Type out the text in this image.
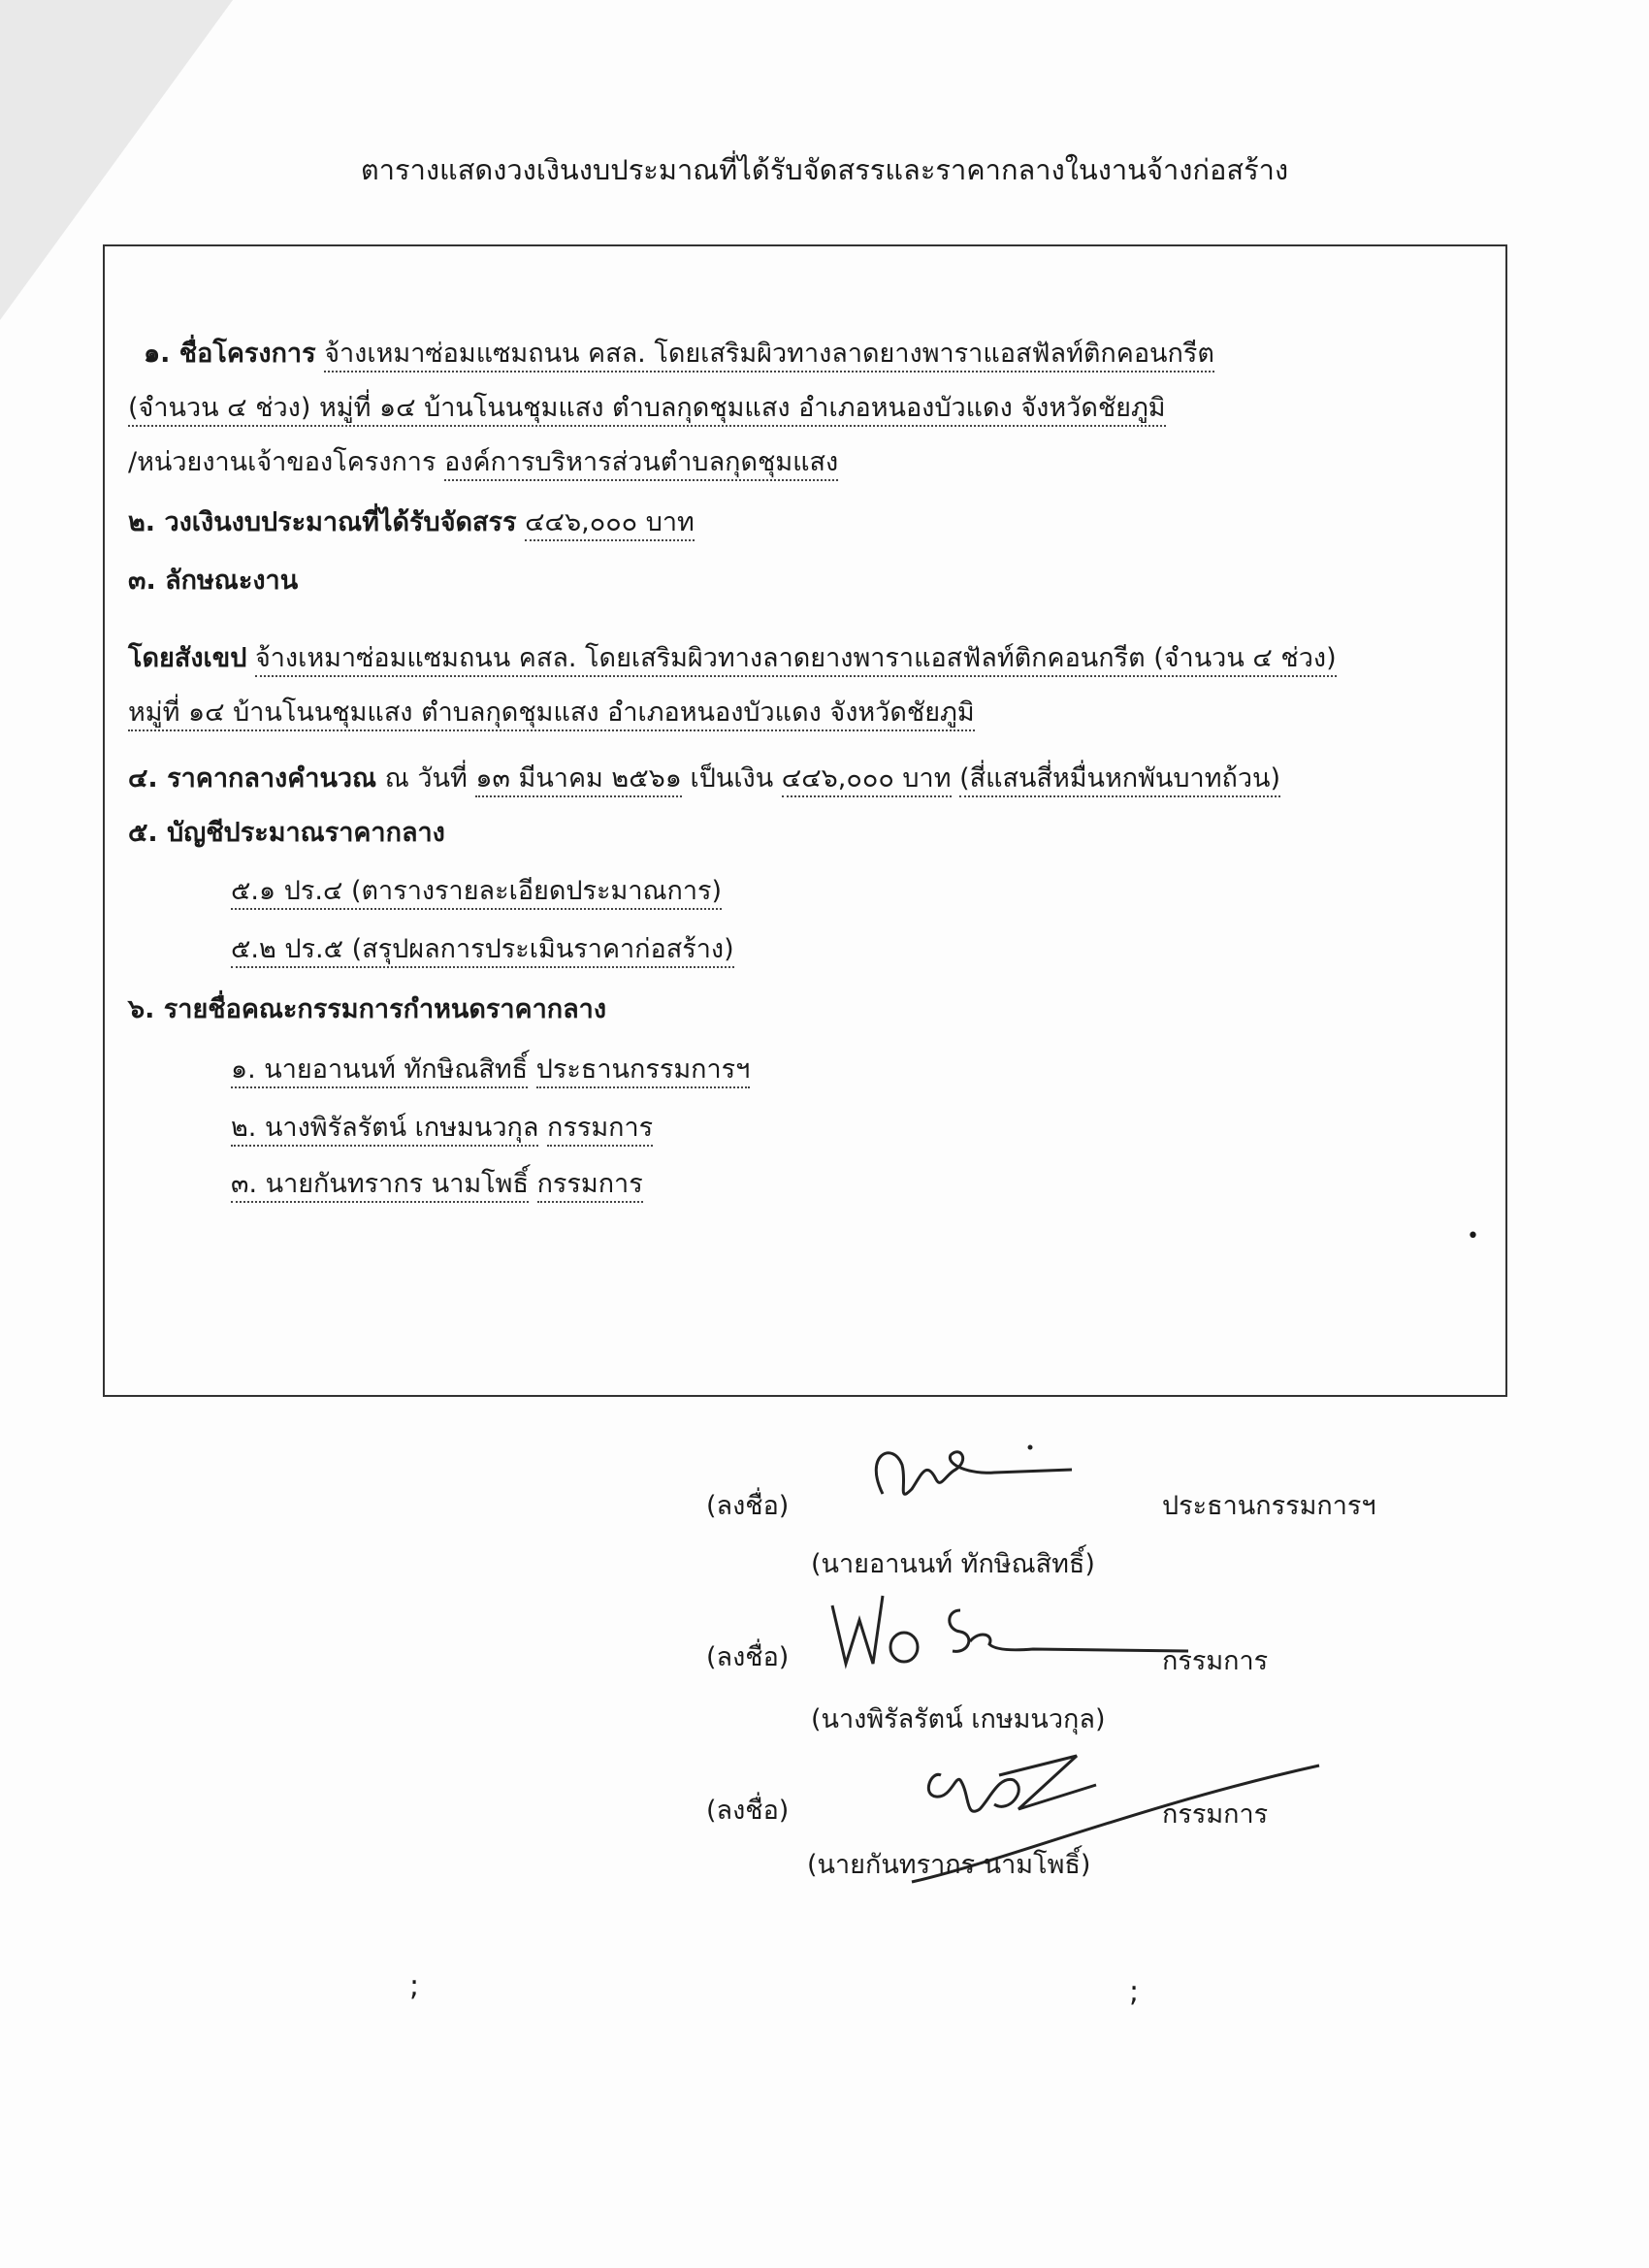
ตารางแสดงวงเงินงบประมาณที่ได้รับจัดสรรและราคากลางในงานจ้างก่อสร้าง
๑. ชื่อโครงการ จ้างเหมาซ่อมแซมถนน คสล. โดยเสริมผิวทางลาดยางพาราแอสฟัลท์ติกคอนกรีต
(จำนวน ๔ ช่วง) หมู่ที่ ๑๔ บ้านโนนชุมแสง ตำบลกุดชุมแสง อำเภอหนองบัวแดง จังหวัดชัยภูมิ
/หน่วยงานเจ้าของโครงการ องค์การบริหารส่วนตำบลกุดชุมแสง
๒. วงเงินงบประมาณที่ได้รับจัดสรร ๔๔๖,๐๐๐ บาท
๓. ลักษณะงาน
โดยสังเขป จ้างเหมาซ่อมแซมถนน คสล. โดยเสริมผิวทางลาดยางพาราแอสฟัลท์ติกคอนกรีต (จำนวน ๔ ช่วง)
หมู่ที่ ๑๔ บ้านโนนชุมแสง ตำบลกุดชุมแสง อำเภอหนองบัวแดง จังหวัดชัยภูมิ
๔. ราคากลางคำนวณ ณ วันที่ ๑๓ มีนาคม ๒๕๖๑ เป็นเงิน ๔๔๖,๐๐๐ บาท (สี่แสนสี่หมื่นหกพันบาทถ้วน)
๕. บัญชีประมาณราคากลาง
๕.๑ ปร.๔ (ตารางรายละเอียดประมาณการ)
๕.๒ ปร.๕ (สรุปผลการประเมินราคาก่อสร้าง)
๖. รายชื่อคณะกรรมการกำหนดราคากลาง
๑. นายอานนท์ ทักษิณสิทธิ์ ประธานกรรมการฯ
๒. นางพิรัลรัตน์ เกษมนวกุล กรรมการ
๓. นายกันทรากร นามโพธิ์ กรรมการ
(ลงชื่อ)	ประธานกรรมการฯ
(นายอานนท์ ทักษิณสิทธิ์)
(ลงชื่อ)	กรรมการ
(นางพิรัลรัตน์ เกษมนวกุล)
(ลงชื่อ)	กรรมการ
(นายกันทรากร นามโพธิ์)
;	;
•
